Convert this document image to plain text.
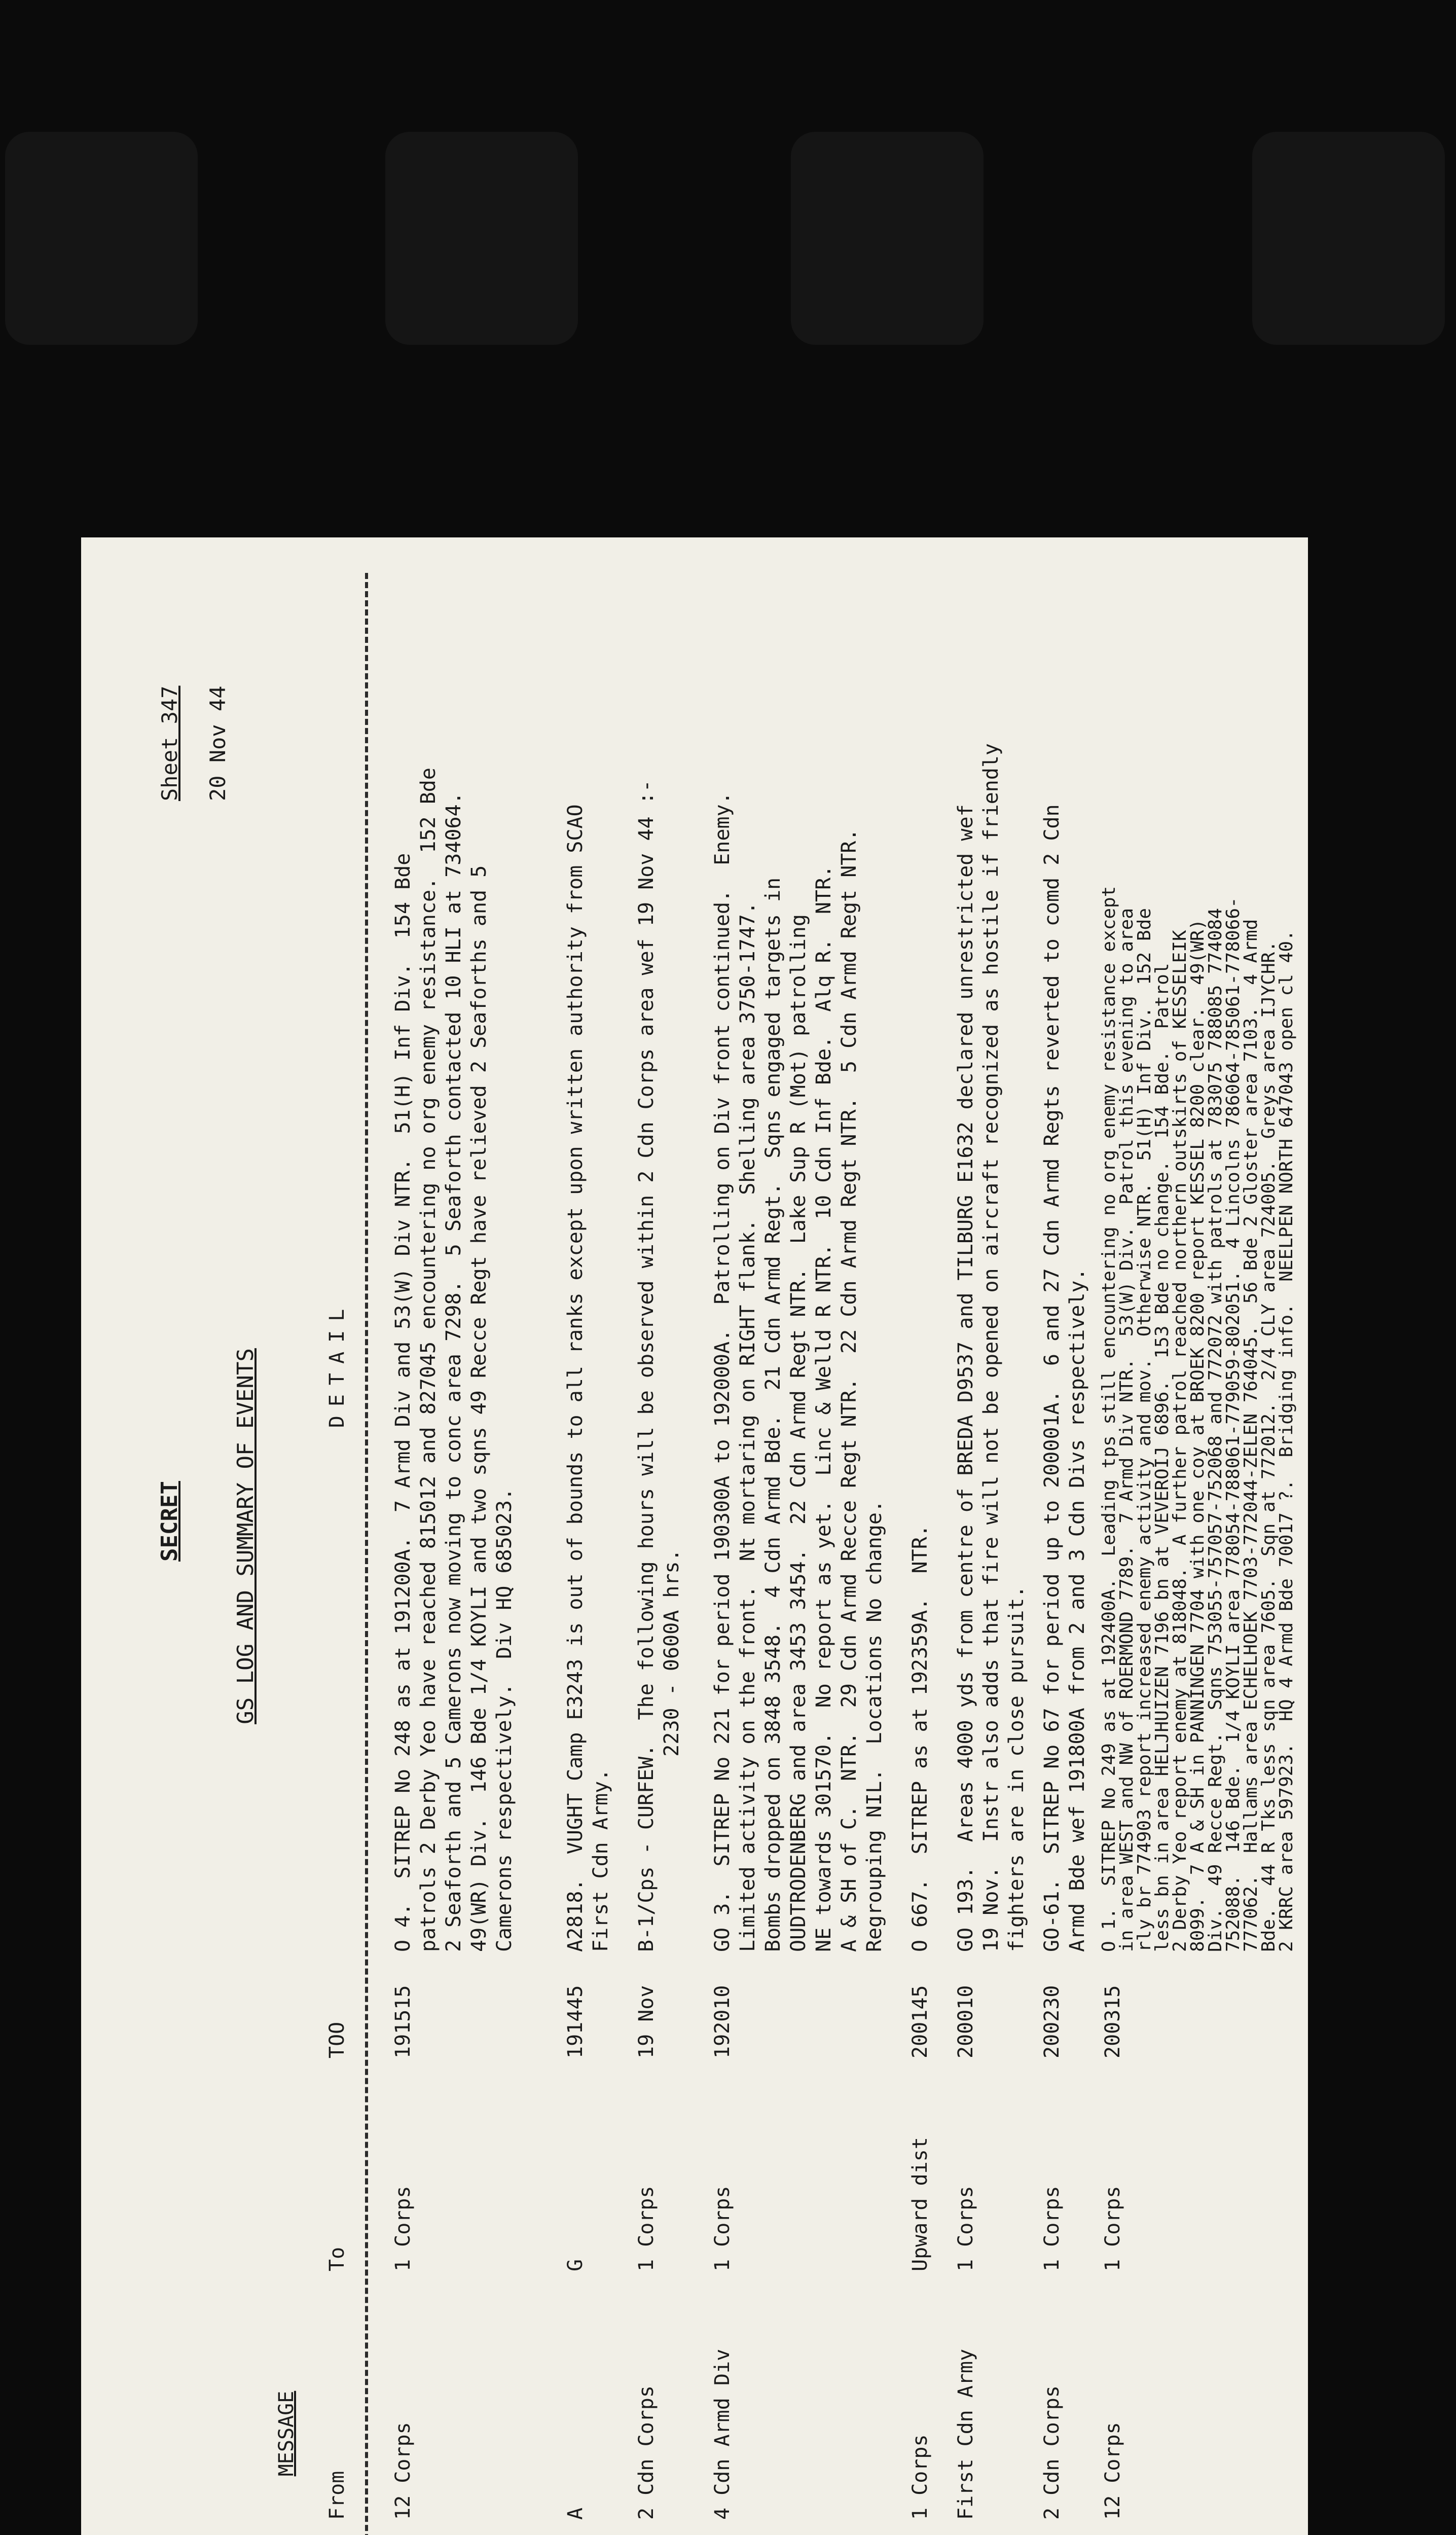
Sheet 347
SECRET
20 Nov 44
GS LOG AND SUMMARY OF EVENTS
MESSAGE
From
To
TOO
DETAIL
12 Corps
1 Corps
191515
O 4.  SITREP No 248 as at 191200A.  7 Armd Div and 53(W) Div NTR.  51(H) Inf Div.  154 Bde
patrols 2 Derby Yeo have reached 815012 and 827045 encountering no org enemy resistance.  152 Bde
2 Seaforth and 5 Camerons now moving to conc area 7298.  5 Seaforth contacted 10 HLI at 734064.
49(WR) Div.  146 Bde 1/4 KOYLI and two sqns 49 Recce Regt have relieved 2 Seaforths and 5
Camerons respectively.  Div HQ 685023.
A
G
191445
A2818.  VUGHT Camp E3243 is out of bounds to all ranks except upon written authority from SCAO
First Cdn Army.
2 Cdn Corps
1 Corps
19 Nov
B-1/Cps - CURFEW.  The following hours will be observed within 2 Cdn Corps area wef 19 Nov 44 :-
2230 - 0600A hrs.
4 Cdn Armd Div
1 Corps
192010
GO 3.  SITREP No 221 for period 190300A to 192000A.  Patrolling on Div front continued.  Enemy.
Limited activity on the front.  Nt mortaring on RIGHT flank.  Shelling area 3750-1747.
Bombs dropped on 3848 3548.  4 Cdn Armd Bde.  21 Cdn Armd Regt.  Sqns engaged targets in
OUDTRODENBERG and area 3453 3454.  22 Cdn Armd Regt NTR.  Lake Sup R (Mot) patrolling
NE towards 301570.  No report as yet.  Linc & Welld R NTR.  10 Cdn Inf Bde.  Alq R.  NTR.
A & SH of C.  NTR.  29 Cdn Armd Recce Regt NTR.  22 Cdn Armd Regt NTR.  5 Cdn Armd Regt NTR.
Regrouping NIL.  Locations No change.
1 Corps
Upward dist
200145
O 667.  SITREP as at 192359A.  NTR.
First Cdn Army
1 Corps
200010
GO 193.  Areas 4000 yds from centre of BREDA D9537 and TILBURG E1632 declared unrestricted wef
19 Nov.  Instr also adds that fire will not be opened on aircraft recognized as hostile if friendly
fighters are in close pursuit.
2 Cdn Corps
1 Corps
200230
GO-61.  SITREP No 67 for period up to 200001A.  6 and 27 Cdn Armd Regts reverted to comd 2 Cdn
Armd Bde wef 191800A from 2 and 3 Cdn Divs respectively.
12 Corps
1 Corps
200315
O 1.  SITREP No 249 as at 192400A.  Leading tps still encountering no org enemy resistance except
in area WEST and NW of ROERMOND 7789.  7 Armd Div NTR.  53(W) Div.  Patrol this evening to area
rly br 774903 report increased enemy activity and mov.  Otherwise NTR.  51(H) Inf Div.  152 Bde
less bn in area HELJHUIZEN 7196 bn at VEVEROIJ 6896.  153 Bde no change.  154 Bde.  Patrol
2 Derby Yeo report enemy at 818048.  A further patrol reached northern outskirts of KESSELEIK
8099.  7 A & SH in PANNINGEN 7704 with one coy at BROEK 8200 report KESSEL 8200 clear.  49(WR)
Div.  49 Recce Regt.  Sqns 753055-757057-752068 and 772072 with patrols at 783075 788085 774084
752088.  146 Bde.  1/4 KOYLI area 778054-788061-779059-802051.  4 Lincolns 786064-785061-778066-
777062.  Hallams area ECHELHOEK 7703-772044-ZELEN 764045.  56 Bde 2 Gloster area 7103.  4 Armd
Bde.  44 R Tks less sqn area 7605.  Sqn at 772012.  2/4 CLY area 724005.  Greys area IJYCHR.
2 KRRC area 597923.  HQ 4 Armd Bde 70017 ?.  Bridging info.  NEELPEN NORTH 647043 open cl 40.
